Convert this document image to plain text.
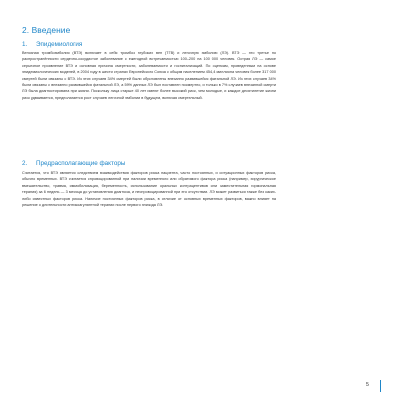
2. Введение
1. Эпидемиология

Венозная тромбоэмболия (ВТЭ) включает в себя тромбоз глубоких вен (ТГВ) и легочную эмболию (ЛЭ). ВТЭ — это третье по распространённости сердечно-сосудистое заболевание с ежегодной встречаемостью 100–200 на 100 000 человек. Острая ЛЭ — самое серьезное проявление ВТЭ и основная причина смертности, заболеваемости и госпитализаций. По оценкам, проведенным на основе эпидемиологических моделей, в 2004 году в шести странах Европейского Союза с общим населением 454,4 миллиона человек более 317 000 смертей были связаны с ВТЭ. Из этих случаев 34% смертей были обусловлены внезапно развившейся фатальной ЛЭ. Из этих случаев 34% были связаны с внезапно развившейся фатальной ЛЭ, а 59% данных ЛЭ был поставлен посмертно, и только в 7% случаев внезапной смерти ЛЭ была диагностирована при жизни. Поскольку лица старше 40 лет имеют более высокий риск, чем молодые, и каждое десятилетие жизни риск удваивается, предполагается рост случаев легочной эмболии в будущем, включая смертельный.

2. Предрасполагающие факторы

Считается, что ВТЭ является следствием взаимодействия факторов риска пациента, часто постоянных, и ситуационных факторов риска, обычно временных. ВТЭ считается спровоцированной при наличии временного или обратимого фактора риска (например, хирургическое вмешательство, травма, иммобилизация, беременность, использование оральных контрацептивов или заместительная гормональная терапия) за 6 недель — 3 месяца до установления диагноза, и неспровоцированной при его отсутствии. ЛЭ может развиться также без каких-либо известных факторов риска. Наличие постоянных факторов риска, в отличие от основных временных факторов, важно влияет на решение о длительности антикоагулянтной терапии после первого эпизода ЛЭ.

5
